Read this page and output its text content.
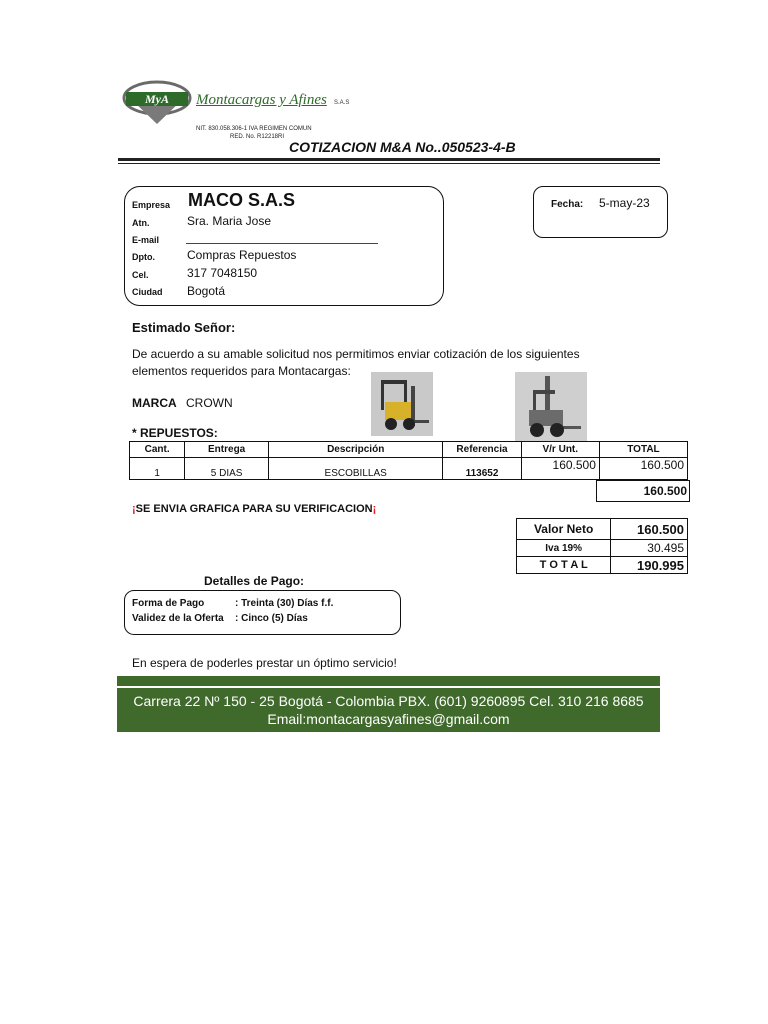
MyA Montacargas y Afines S.A.S
NIT. 830.058.306-1 IVA REGIMEN COMUN
RED. No. R12218RI
COTIZACION M&A No..050523-4-B
Empresa MACO S.A.S
Atn.	Sra. Maria Jose
E-mail
Dpto.	Compras Repuestos
Cel.	317 7048150
Ciudad Bogotá
Fecha: 5-may-23
Estimado Señor:
De acuerdo a su amable solicitud nos permitimos enviar cotización de los siguientes
elementos requeridos para Montacargas:
MARCA CROWN
* REPUESTOS:
Cant.	Entrega	Descripción	Referencia	V/r Unt.	TOTAL
1	5 DIAS	ESCOBILLAS	113652	160.500	160.500
160.500
¡SE ENVIA GRAFICA PARA SU VERIFICACION¡
Valor Neto	160.500
Iva 19%	30.495
T O T A L	190.995
Detalles de Pago:
Forma de Pago	: Treinta (30) Días f.f.
Validez de la Oferta : Cinco (5) Días
En espera de poderles prestar un óptimo servicio!
Carrera 22 Nº 150 - 25 Bogotá - Colombia PBX. (601) 9260895 Cel. 310 216 8685
Email:montacargasyafines@gmail.com
